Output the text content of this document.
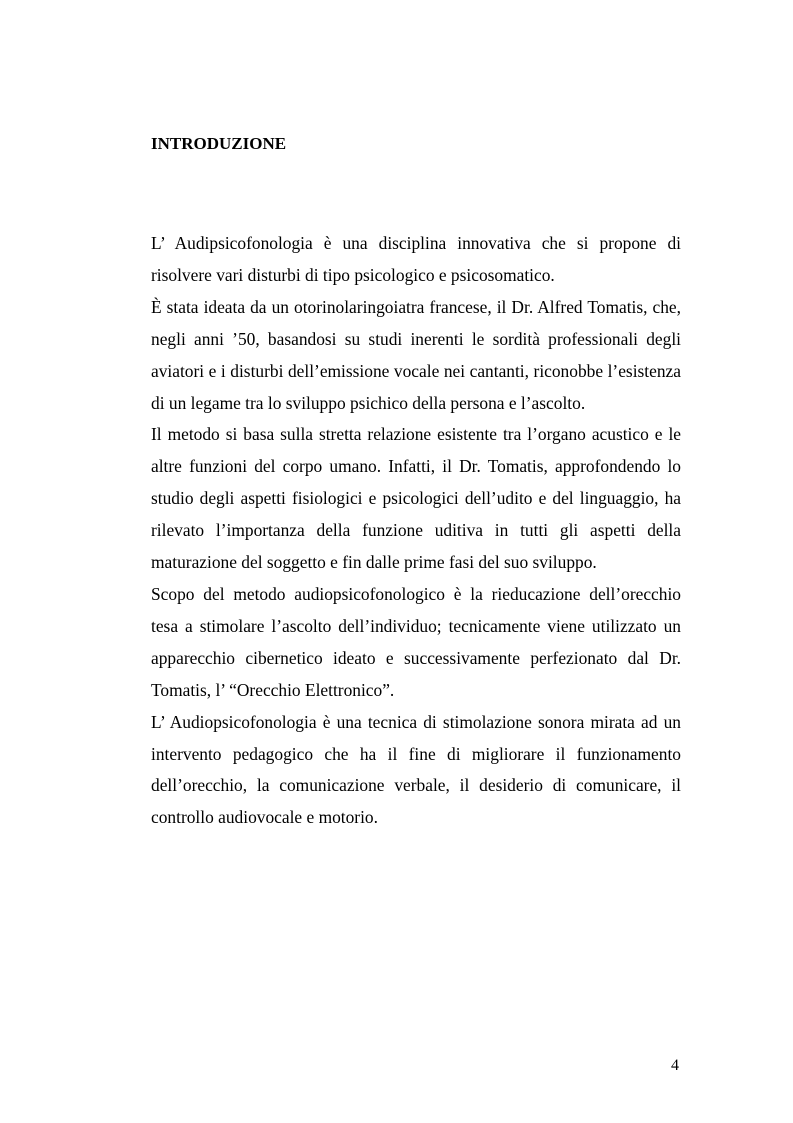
INTRODUZIONE

L’ Audipsicofonologia è una disciplina innovativa che si propone di risolvere vari disturbi di tipo psicologico e psicosomatico.

È stata ideata da un otorinolaringoiatra francese, il Dr. Alfred Tomatis, che, negli anni ’50, basandosi su studi inerenti le sordità professionali degli aviatori e i disturbi dell’emissione vocale nei cantanti, riconobbe l’esistenza di un legame tra lo sviluppo psichico della persona e l’ascolto.

Il metodo si basa sulla stretta relazione esistente tra l’organo acustico e le altre funzioni del corpo umano. Infatti, il Dr. Tomatis, approfondendo lo studio degli aspetti fisiologici e psicologici dell’udito e del linguaggio, ha rilevato l’importanza della funzione uditiva in tutti gli aspetti della maturazione del soggetto e fin dalle prime fasi del suo sviluppo.

Scopo del metodo audiopsicofonologico è la rieducazione dell’orecchio tesa a stimolare l’ascolto dell’individuo; tecnicamente viene utilizzato un apparecchio cibernetico ideato e successivamente perfezionato dal Dr. Tomatis, l’ “Orecchio Elettronico”.

L’ Audiopsicofonologia è una tecnica di stimolazione sonora mirata ad un intervento pedagogico che ha il fine di migliorare il funzionamento dell’orecchio, la comunicazione verbale, il desiderio di comunicare, il controllo audiovocale e motorio.

4
